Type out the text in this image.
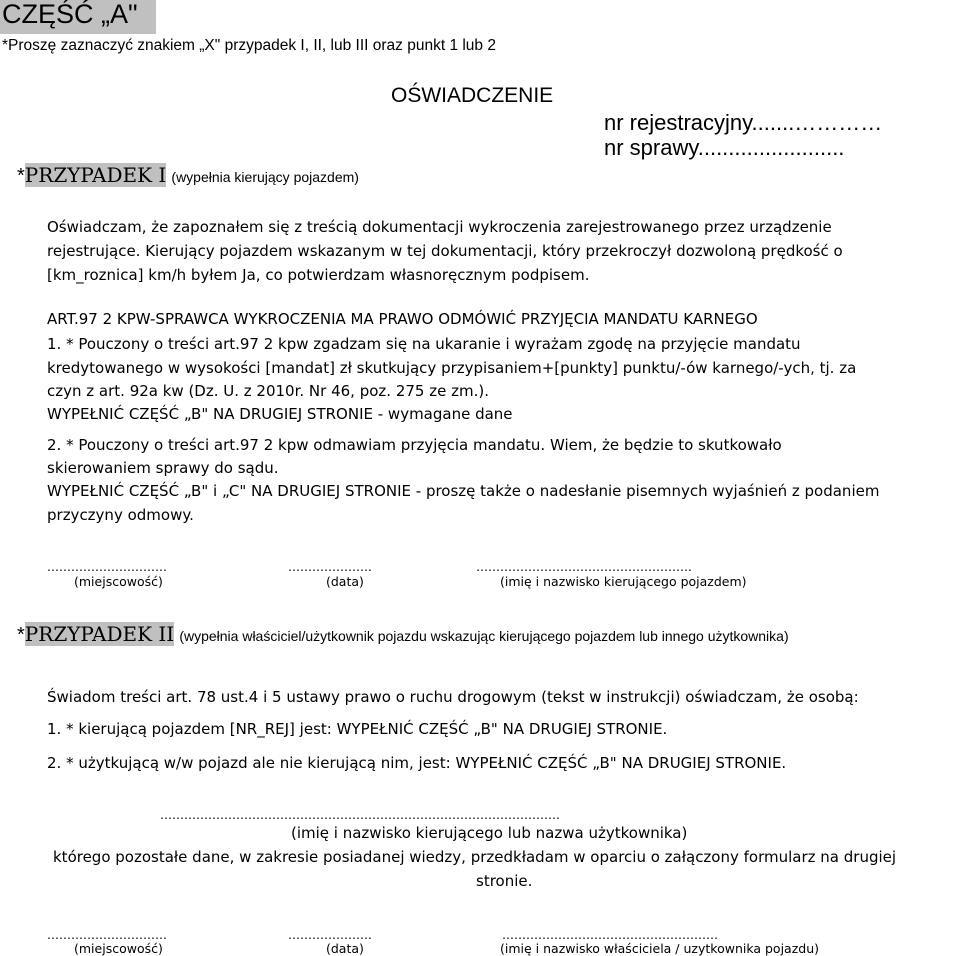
CZĘŚĆ „A"
*Proszę zaznaczyć znakiem „X" przypadek I, II, lub III oraz punkt 1 lub 2
OŚWIADCZENIE
nr rejestracyjny.......…………
nr sprawy........................
*PRZYPADEK I (wypełnia kierujący pojazdem)
Oświadczam, że zapoznałem się z treścią dokumentacji wykroczenia zarejestrowanego przez urządzenie
rejestrujące. Kierujący pojazdem wskazanym w tej dokumentacji, który przekroczył dozwoloną prędkość o
[km_roznica] km/h byłem Ja, co potwierdzam własnoręcznym podpisem.
ART.97 2 KPW-SPRAWCA WYKROCZENIA MA PRAWO ODMÓWIĆ PRZYJĘCIA MANDATU KARNEGO
1. * Pouczony o treści art.97 2 kpw zgadzam się na ukaranie i wyrażam zgodę na przyjęcie mandatu
kredytowanego w wysokości [mandat] zł skutkujący przypisaniem+[punkty] punktu/-ów karnego/-ych, tj. za
czyn z art. 92a kw (Dz. U. z 2010r. Nr 46, poz. 275 ze zm.).
WYPEŁNIĆ CZĘŚĆ „B" NA DRUGIEJ STRONIE - wymagane dane
2. * Pouczony o treści art.97 2 kpw odmawiam przyjęcia mandatu. Wiem, że będzie to skutkowało
skierowaniem sprawy do sądu.
WYPEŁNIĆ CZĘŚĆ „B" i „C" NA DRUGIEJ STRONIE - proszę także o nadesłanie pisemnych wyjaśnień z podaniem
przyczyny odmowy.
…………………………	…………………	………………………………………………
(miejscowość)	(data)	(imię i nazwisko kierującego pojazdem)
*PRZYPADEK II (wypełnia właściciel/użytkownik pojazdu wskazując kierującego pojazdem lub innego użytkownika)
Świadom treści art. 78 ust.4 i 5 ustawy prawo o ruchu drogowym (tekst w instrukcji) oświadczam, że osobą:
1. * kierującą pojazdem [NR_REJ] jest: WYPEŁNIĆ CZĘŚĆ „B" NA DRUGIEJ STRONIE.
2. * użytkującą w/w pojazd ale nie kierującą nim, jest: WYPEŁNIĆ CZĘŚĆ „B" NA DRUGIEJ STRONIE.
……………………………………………………………………………………….
(imię i nazwisko kierującego lub nazwa użytkownika)
którego pozostałe dane, w zakresie posiadanej wiedzy, przedkładam w oparciu o załączony formularz na drugiej
stronie.
…………………………	…………………	………………………………………………
(miejscowość)	(data)	(imię i nazwisko właściciela / uzytkownika pojazdu)
